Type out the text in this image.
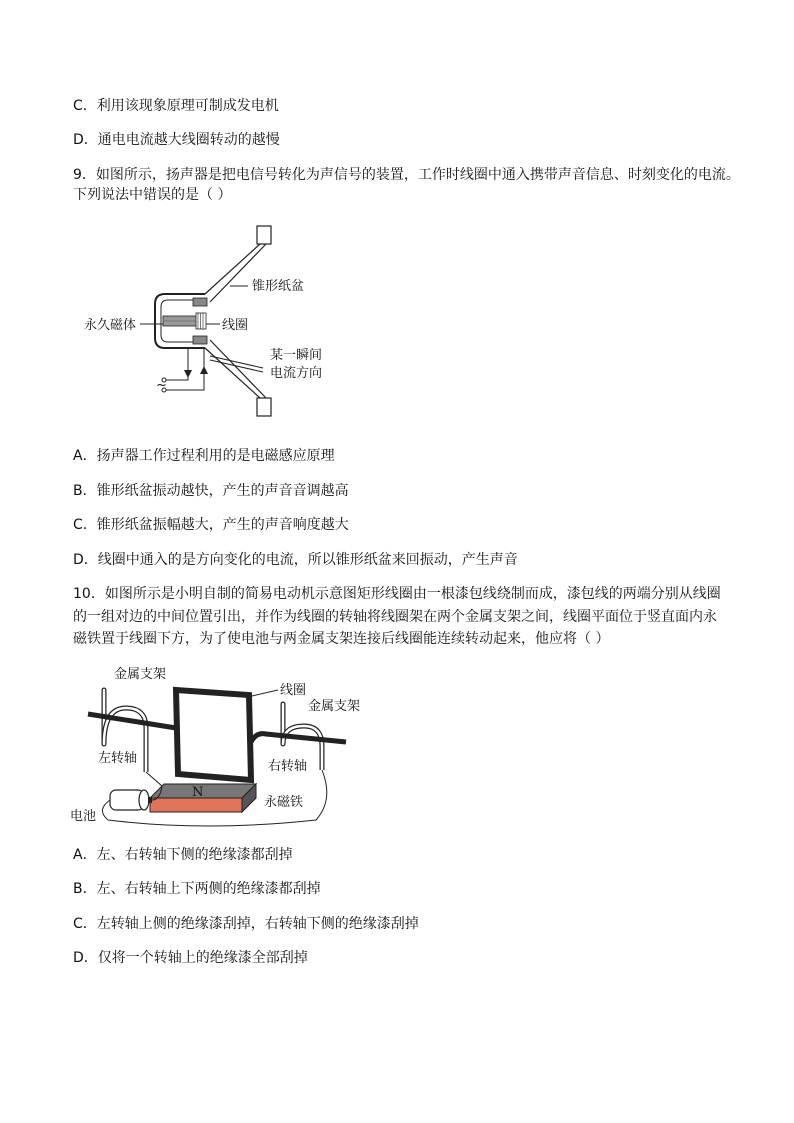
C．利用该现象原理可制成发电机
D．通电电流越大线圈转动的越慢
9．如图所示，扬声器是把电信号转化为声信号的装置，工作时线圈中通入携带声音信息、时刻变化的电流。
下列说法中错误的是（ ）
锥形纸盆
永久磁体	线圈
某一瞬间
电流方向
~
A．扬声器工作过程利用的是电磁感应原理
B．锥形纸盆振动越快，产生的声音音调越高
C．锥形纸盆振幅越大，产生的声音响度越大
D．线圈中通入的是方向变化的电流，所以锥形纸盆来回振动，产生声音
10．如图所示是小明自制的简易电动机示意图矩形线圈由一根漆包线绕制而成，漆包线的两端分别从线圈
的一组对边的中间位置引出，并作为线圈的转轴将线圈架在两个金属支架之间，线圈平面位于竖直面内永
磁铁置于线圈下方，为了使电池与两金属支架连接后线圈能连续转动起来，他应将（ ）
N
金属支架
线圈
金属支架
左转轴
右转轴
永磁铁
电池
A．左、右转轴下侧的绝缘漆都刮掉
B．左、右转轴上下两侧的绝缘漆都刮掉
C．左转轴上侧的绝缘漆刮掉，右转轴下侧的绝缘漆刮掉
D．仅将一个转轴上的绝缘漆全部刮掉
